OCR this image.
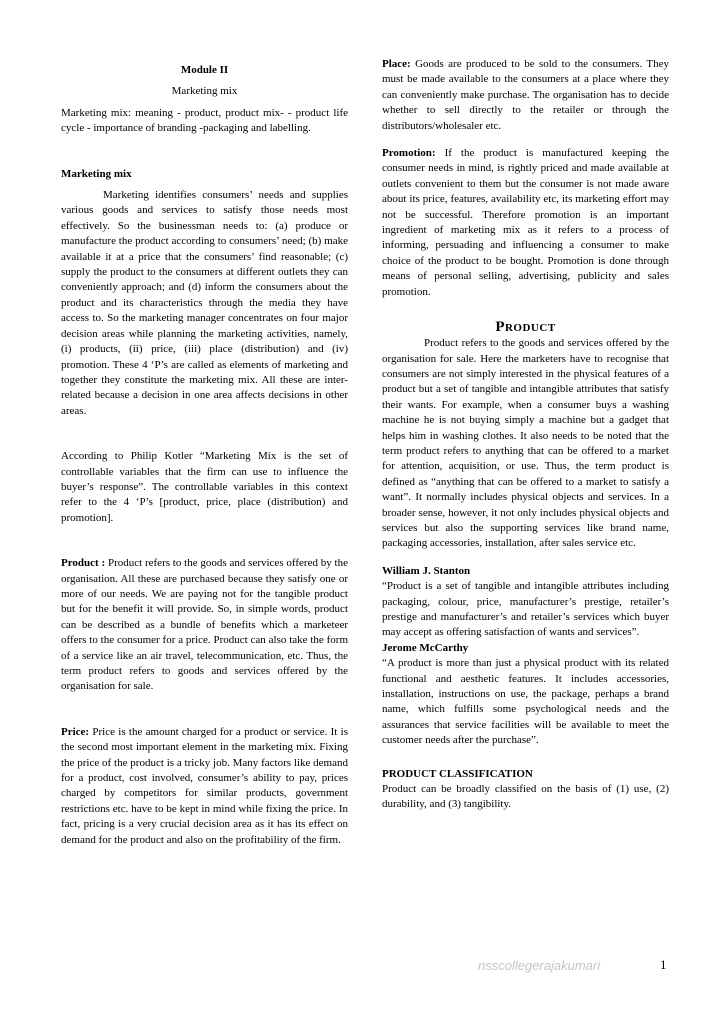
Module II

Marketing mix

Marketing mix: meaning - product, product mix- - product life cycle - importance of branding -packaging and labelling.

Marketing mix

Marketing identifies consumers’ needs and supplies various goods and services to satisfy those needs most effectively. So the businessman needs to: (a) produce or manufacture the product according to consumers’ need; (b) make available it at a price that the consumers’ find reasonable; (c) supply the product to the consumers at different outlets they can conveniently approach; and (d) inform the consumers about the product and its characteristics through the media they have access to. So the marketing manager concentrates on four major decision areas while planning the marketing activities, namely, (i) products, (ii) price, (iii) place (distribution) and (iv) promotion. These 4 ‘P’s are called as elements of marketing and together they constitute the marketing mix. All these are inter-related because a decision in one area affects decisions in other areas.

According to Philip Kotler “Marketing Mix is the set of controllable variables that the firm can use to influence the buyer’s response”. The controllable variables in this context refer to the 4 ‘P’s [product, price, place (distribution) and promotion].

Product : Product refers to the goods and services offered by the organisation. All these are purchased because they satisfy one or more of our needs. We are paying not for the tangible product but for the benefit it will provide. So, in simple words, product can be described as a bundle of benefits which a marketeer offers to the consumer for a price. Product can also take the form of a service like an air travel, telecommunication, etc. Thus, the term product refers to goods and services offered by the organisation for sale.

Price: Price is the amount charged for a product or service. It is the second most important element in the marketing mix. Fixing the price of the product is a tricky job. Many factors like demand for a product, cost involved, consumer’s ability to pay, prices charged by competitors for similar products, government restrictions etc. have to be kept in mind while fixing the price. In fact, pricing is a very crucial decision area as it has its effect on demand for the product and also on the profitability of the firm.

Place: Goods are produced to be sold to the consumers. They must be made available to the consumers at a place where they can conveniently make purchase. The organisation has to decide whether to sell directly to the retailer or through the distributors/wholesaler etc.

Promotion: If the product is manufactured keeping the consumer needs in mind, is rightly priced and made available at outlets convenient to them but the consumer is not made aware about its price, features, availability etc, its marketing effort may not be successful. Therefore promotion is an important ingredient of marketing mix as it refers to a process of informing, persuading and influencing a consumer to make choice of the product to be bought. Promotion is done through means of personal selling, advertising, publicity and sales promotion.

Product

Product refers to the goods and services offered by the organisation for sale. Here the marketers have to recognise that consumers are not simply interested in the physical features of a product but a set of tangible and intangible attributes that satisfy their wants. For example, when a consumer buys a washing machine he is not buying simply a machine but a gadget that helps him in washing clothes. It also needs to be noted that the term product refers to anything that can be offered to a market for attention, acquisition, or use. Thus, the term product is defined as “anything that can be offered to a market to satisfy a want”. It normally includes physical objects and services. In a broader sense, however, it not only includes physical objects and services but also the supporting services like brand name, packaging accessories, installation, after sales service etc.

William J. Stanton

“Product is a set of tangible and intangible attributes including packaging, colour, price, manufacturer’s prestige, retailer’s prestige and manufacturer’s and retailer’s services which buyer may accept as offering satisfaction of wants and services”.

Jerome McCarthy

“A product is more than just a physical product with its related functional and aesthetic features. It includes accessories, installation, instructions on use, the package, perhaps a brand name, which fulfills some psychological needs and the assurances that service facilities will be available to meet the customer needs after the purchase”.

PRODUCT CLASSIFICATION

Product can be broadly classified on the basis of (1) use, (2) durability, and (3) tangibility.

nsscollegerajakumari	1
